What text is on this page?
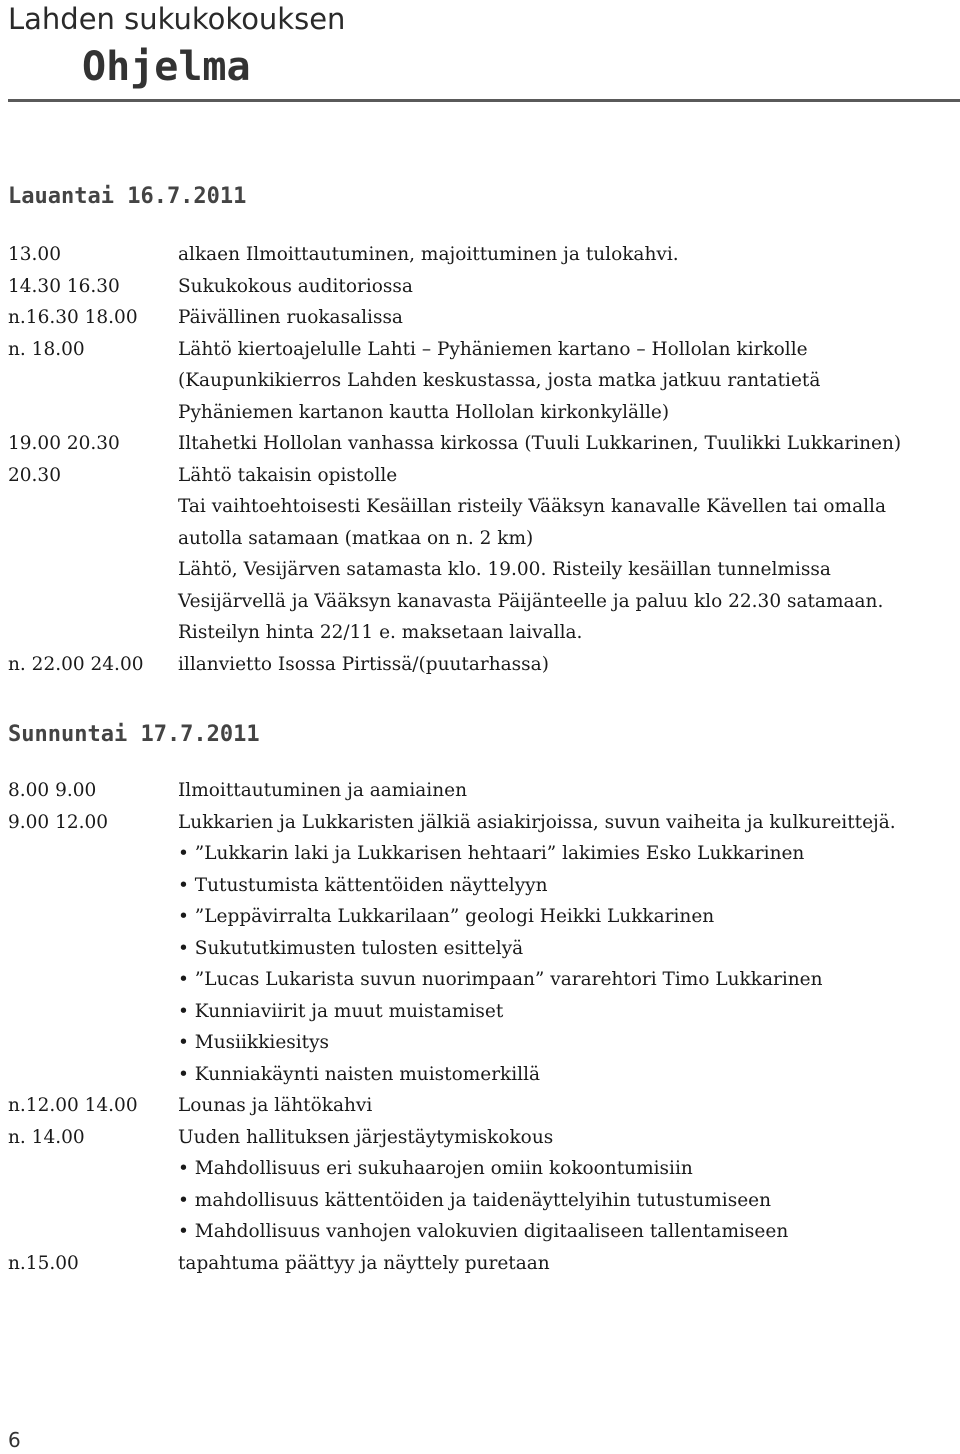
Lahden sukukokouksen
Ohjelma
Lauantai 16.7.2011
13.00	alkaen Ilmoittautuminen, majoittuminen ja tulokahvi.
14.30 16.30	Sukukokous auditoriossa
n.16.30 18.00	Päivällinen ruokasalissa
n. 18.00	Lähtö kiertoajelulle Lahti – Pyhäniemen kartano – Hollolan kirkolle
(Kaupunkikierros Lahden keskustassa, josta matka jatkuu rantatietä
Pyhäniemen kartanon kautta Hollolan kirkonkylälle)
19.00 20.30	Iltahetki Hollolan vanhassa kirkossa (Tuuli Lukkarinen, Tuulikki Lukkarinen)
20.30	Lähtö takaisin opistolle
Tai vaihtoehtoisesti Kesäillan risteily Vääksyn kanavalle Kävellen tai omalla
autolla satamaan (matkaa on n. 2 km)
Lähtö, Vesijärven satamasta klo. 19.00. Risteily kesäillan tunnelmissa
Vesijärvellä ja Vääksyn kanavasta Päijänteelle ja paluu klo 22.30 satamaan.
Risteilyn hinta 22/11 e. maksetaan laivalla.
n. 22.00 24.00	illanvietto Isossa Pirtissä/(puutarhassa)
Sunnuntai 17.7.2011
8.00 9.00	Ilmoittautuminen ja aamiainen
9.00 12.00	Lukkarien ja Lukkaristen jälkiä asiakirjoissa, suvun vaiheita ja kulkureittejä.
• ”Lukkarin laki ja Lukkarisen hehtaari” lakimies Esko Lukkarinen
• Tutustumista kättentöiden näyttelyyn
• ”Leppävirralta Lukkarilaan” geologi Heikki Lukkarinen
• Sukututkimusten tulosten esittelyä
• ”Lucas Lukarista suvun nuorimpaan” vararehtori Timo Lukkarinen
• Kunniaviirit ja muut muistamiset
• Musiikkiesitys
• Kunniakäynti naisten muistomerkillä
n.12.00 14.00	Lounas ja lähtökahvi
n. 14.00	Uuden hallituksen järjestäytymiskokous
• Mahdollisuus eri sukuhaarojen omiin kokoontumisiin
• mahdollisuus kättentöiden ja taidenäyttelyihin tutustumiseen
• Mahdollisuus vanhojen valokuvien digitaaliseen tallentamiseen
n.15.00	tapahtuma päättyy ja näyttely puretaan
6
